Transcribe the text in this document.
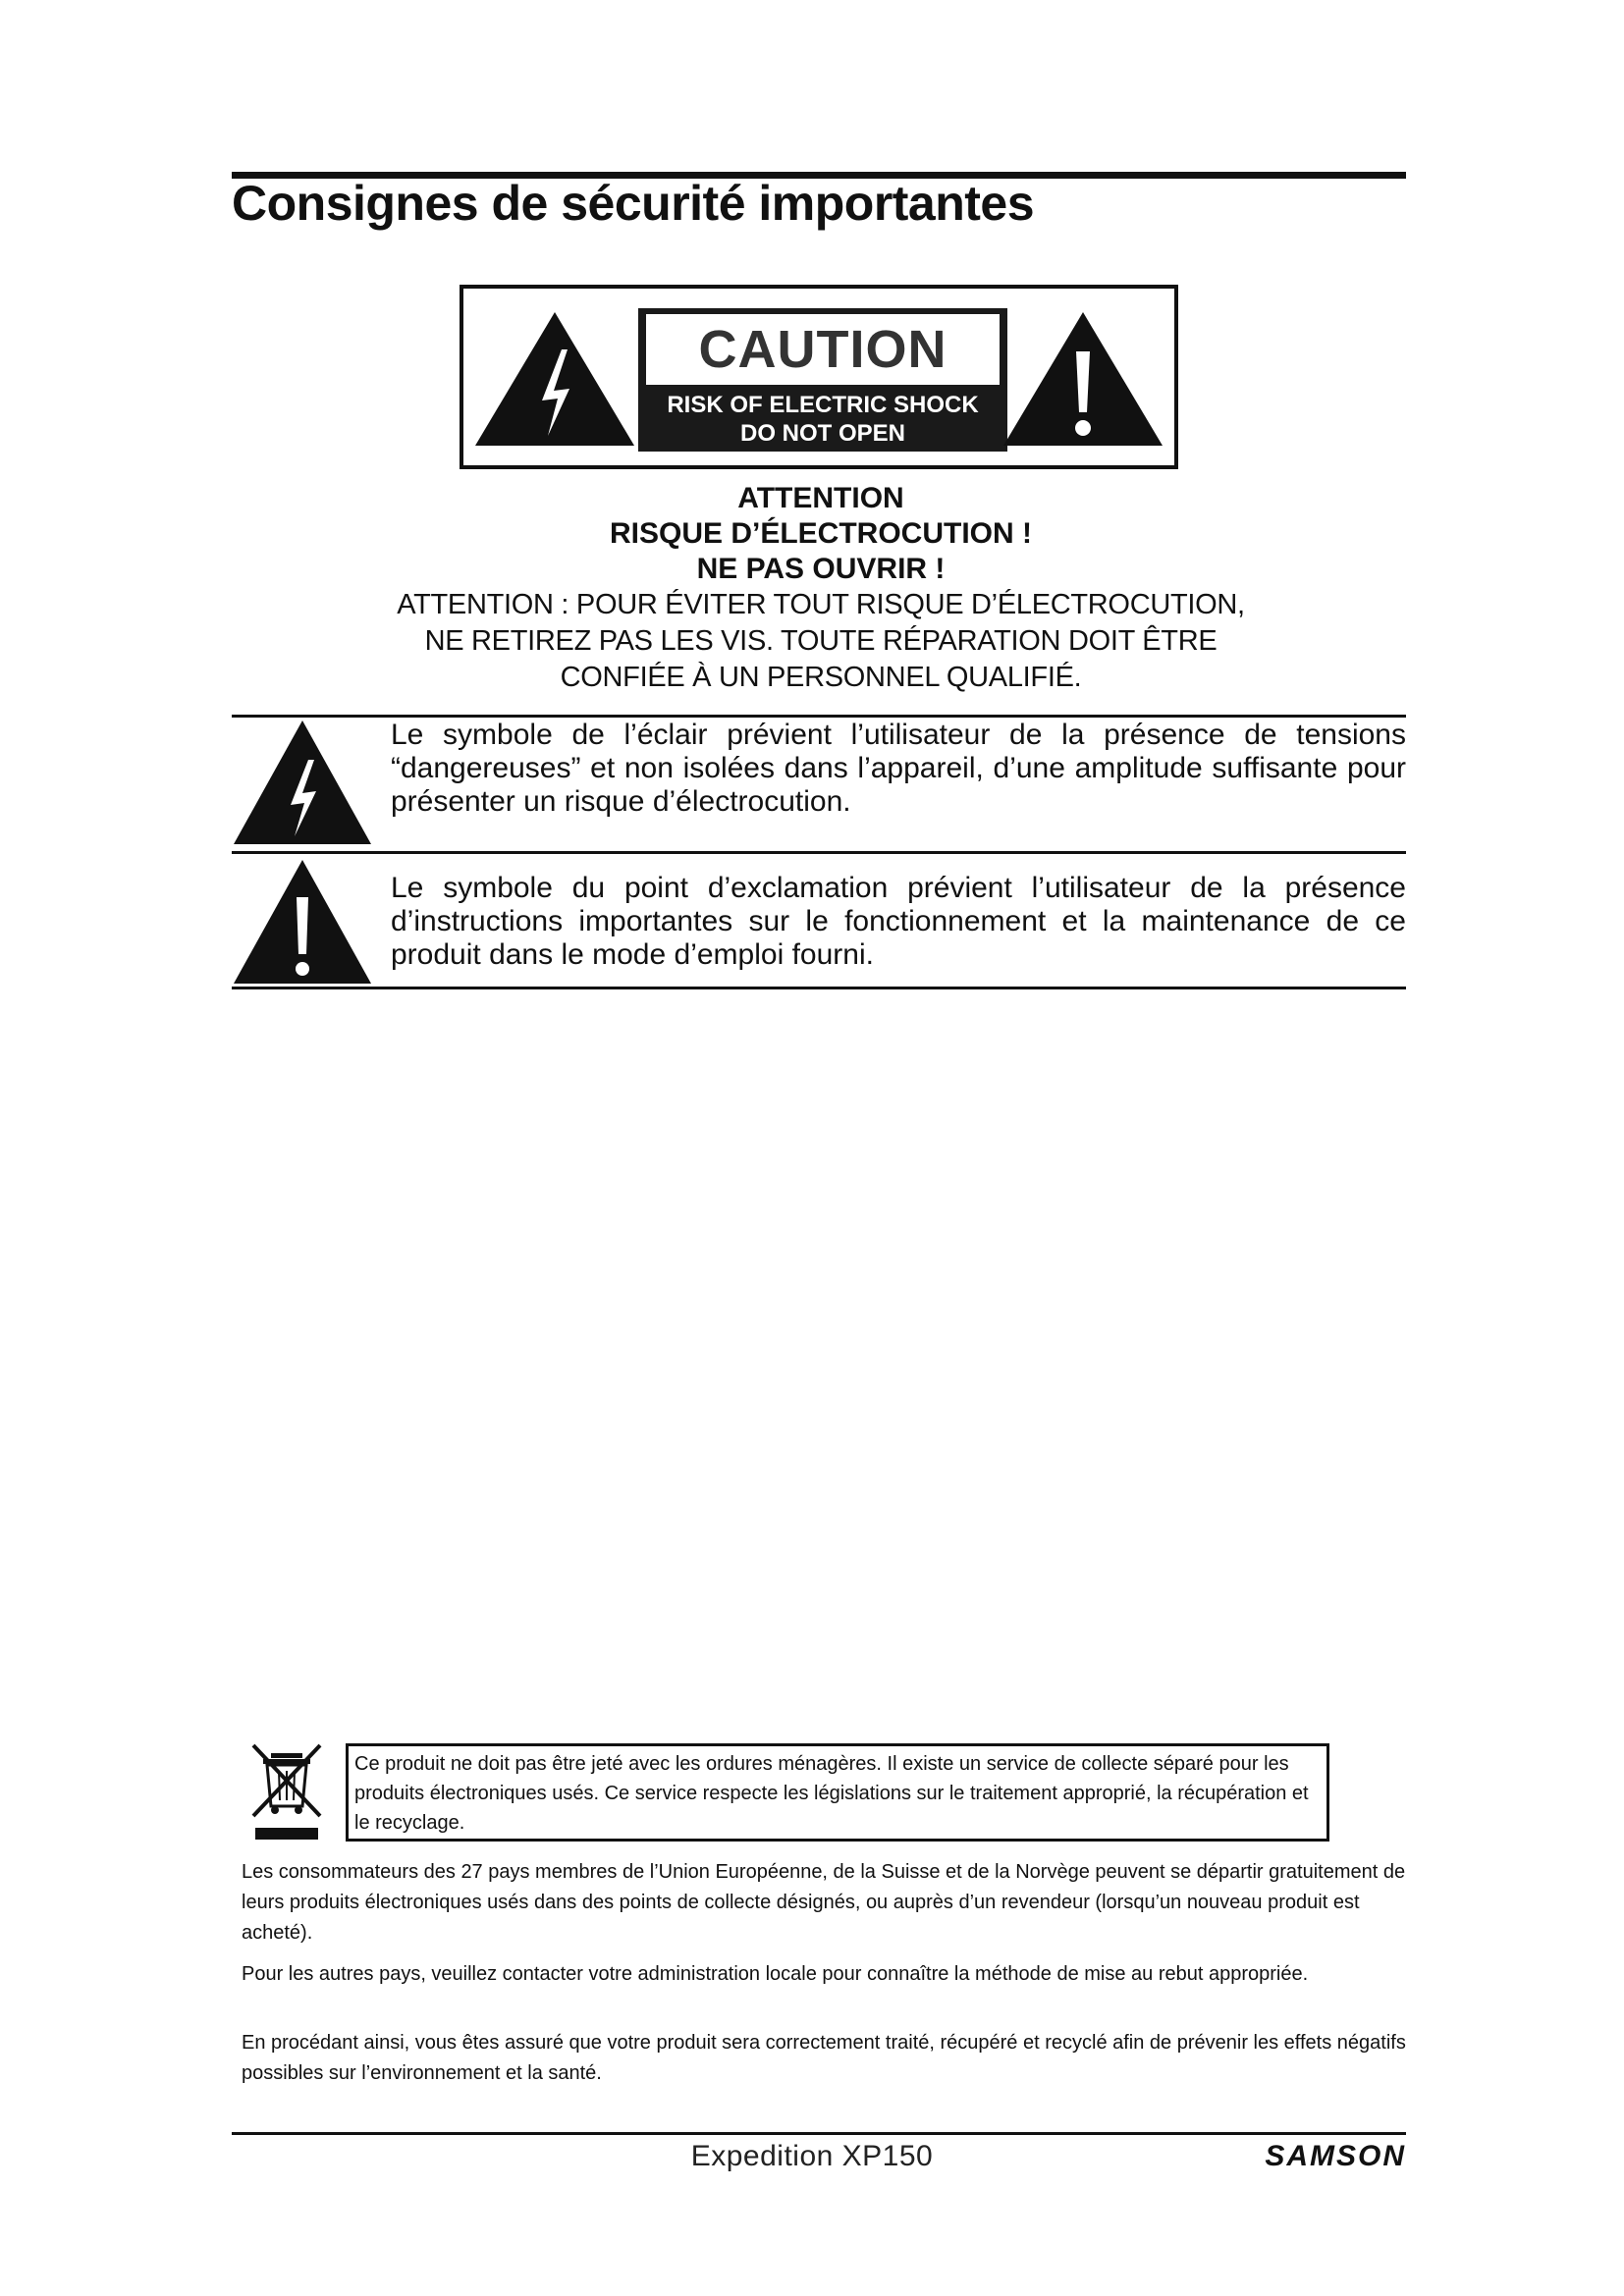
Consignes de sécurité importantes
CAUTION
RISK OF ELECTRIC SHOCK
DO NOT OPEN
ATTENTION
RISQUE D’ÉLECTROCUTION !
NE PAS OUVRIR !
ATTENTION : POUR ÉVITER TOUT RISQUE D’ÉLECTROCUTION,
NE RETIREZ PAS LES VIS. TOUTE RÉPARATION DOIT ÊTRE
CONFIÉE À UN PERSONNEL QUALIFIÉ.
Le symbole de l’éclair prévient l’utilisateur de la présence de tensions “dangereuses” et non isolées dans l’appareil, d’une amplitude suffisante pour présenter un risque d’électrocution.
Le symbole du point d’exclamation prévient l’utilisateur de la présence d’instructions importantes sur le fonctionnement et la maintenance de ce produit dans le mode d’emploi fourni.
Ce produit ne doit pas être jeté avec les ordures ménagères. Il existe un service de collecte séparé pour les produits électroniques usés. Ce service respecte les législations sur le traitement approprié, la récupération et le recyclage.

Les consommateurs des 27 pays membres de l’Union Européenne, de la Suisse et de la Norvège peuvent se départir gratuitement de leurs produits électroniques usés dans des points de collecte désignés, ou auprès d’un revendeur (lorsqu’un nouveau produit est acheté).

Pour les autres pays, veuillez contacter votre administration locale pour connaître la méthode de mise au rebut appropriée.

En procédant ainsi, vous êtes assuré que votre produit sera correctement traité, récupéré et recyclé afin de prévenir les effets négatifs possibles sur l’environnement et la santé.

Expedition XP150	SAMSON
